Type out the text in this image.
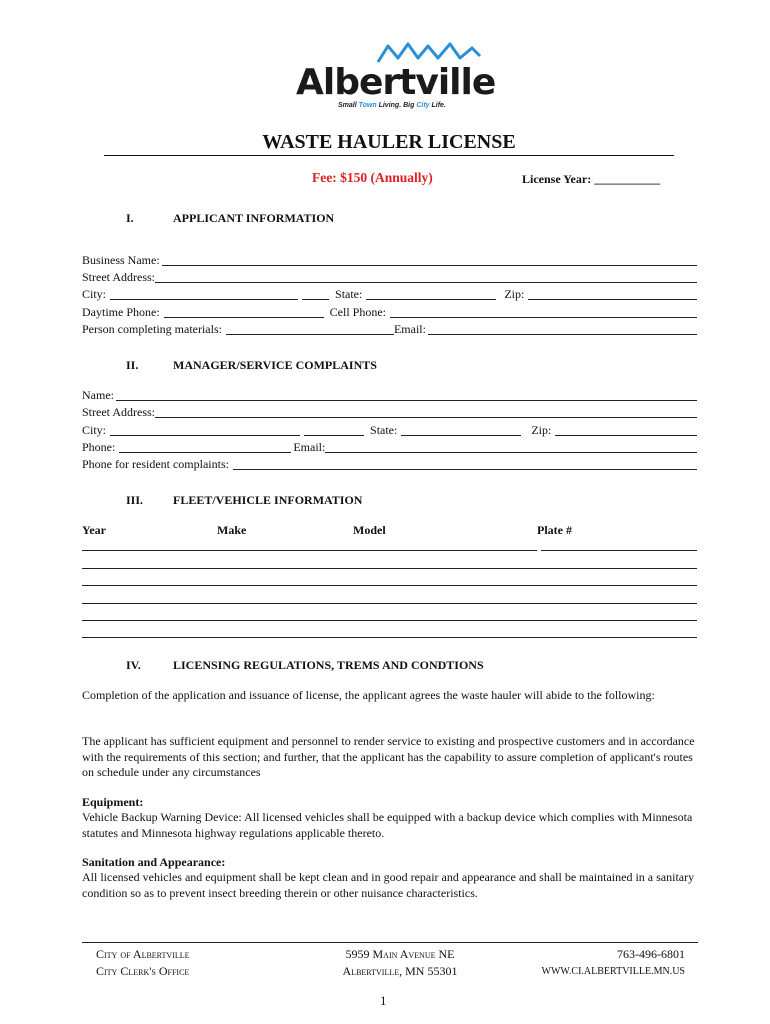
Albertville
Small Town Living. Big City Life.
WASTE HAULER LICENSE
Fee: $150 (Annually)	License Year: ___________
I.	APPLICANT INFORMATION
Business Name:
Street Address:
City:	State:	Zip:
Daytime Phone:	Cell Phone:
Person completing materials:	Email:
II.	MANAGER/SERVICE COMPLAINTS
Name:
Street Address:
City:	State:	Zip:
Phone:	Email:
Phone for resident complaints:
III. FLEET/VEHICLE INFORMATION
Year	Make	Model	Plate #
IV.	LICENSING REGULATIONS, TREMS AND CONDTIONS
Completion of the application and issuance of license, the applicant agrees the waste hauler will abide to the following:
The applicant has sufficient equipment and personnel to render service to existing and prospective customers and in accordance with the requirements of this section; and further, that the applicant has the capability to assure completion of applicant's routes on schedule under any circumstances
Equipment:
Vehicle Backup Warning Device: All licensed vehicles shall be equipped with a backup device which complies with Minnesota statutes and Minnesota highway regulations applicable thereto.
Sanitation and Appearance:
All licensed vehicles and equipment shall be kept clean and in good repair and appearance and shall be maintained in a sanitary condition so as to prevent insect breeding therein or other nuisance characteristics.
City of Albertville
City Clerk's Office
5959 Main Avenue NE
Albertville, MN 55301
763-496-6801
WWW.CI.ALBERTVILLE.MN.US
1
